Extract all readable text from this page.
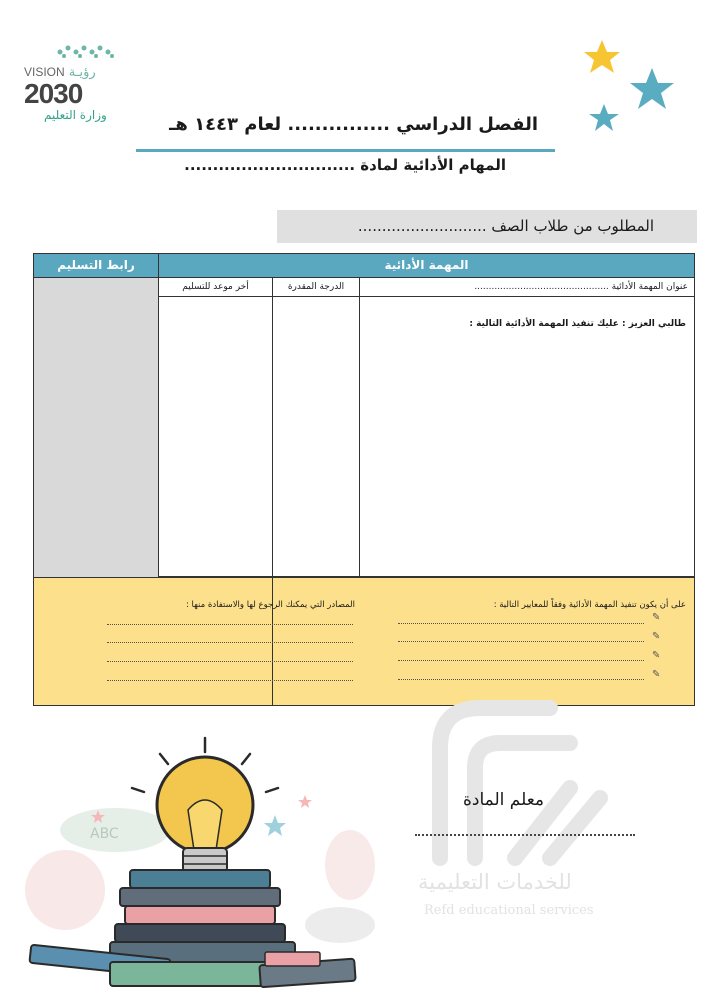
VISION رؤيـة
2030
وزارة التعليم	الفصل الدراسي ............... لعام ١٤٤٣ هـ
المهام الأدائية لمادة ..............................
المطلوب من طلاب الصف ...........................
رابط التسليم	المهمة الأدائية		
	أخر موعد للتسليم	الدرجة المقدرة	عنوان المهمة الأدائية ...............................................
			طالبي العزيز : عليك تنفيذ المهمة الأدائية التالية :

المصادر التي يمكنك الرجوع لها والاستفادة منها :	على أن يكون تنفيذ المهمة الأدائية وفقاً للمعايير التالية :
✎
✎
✎
✎
للخدمات التعليمية
Refd educational services
معلم المادة
ABC
